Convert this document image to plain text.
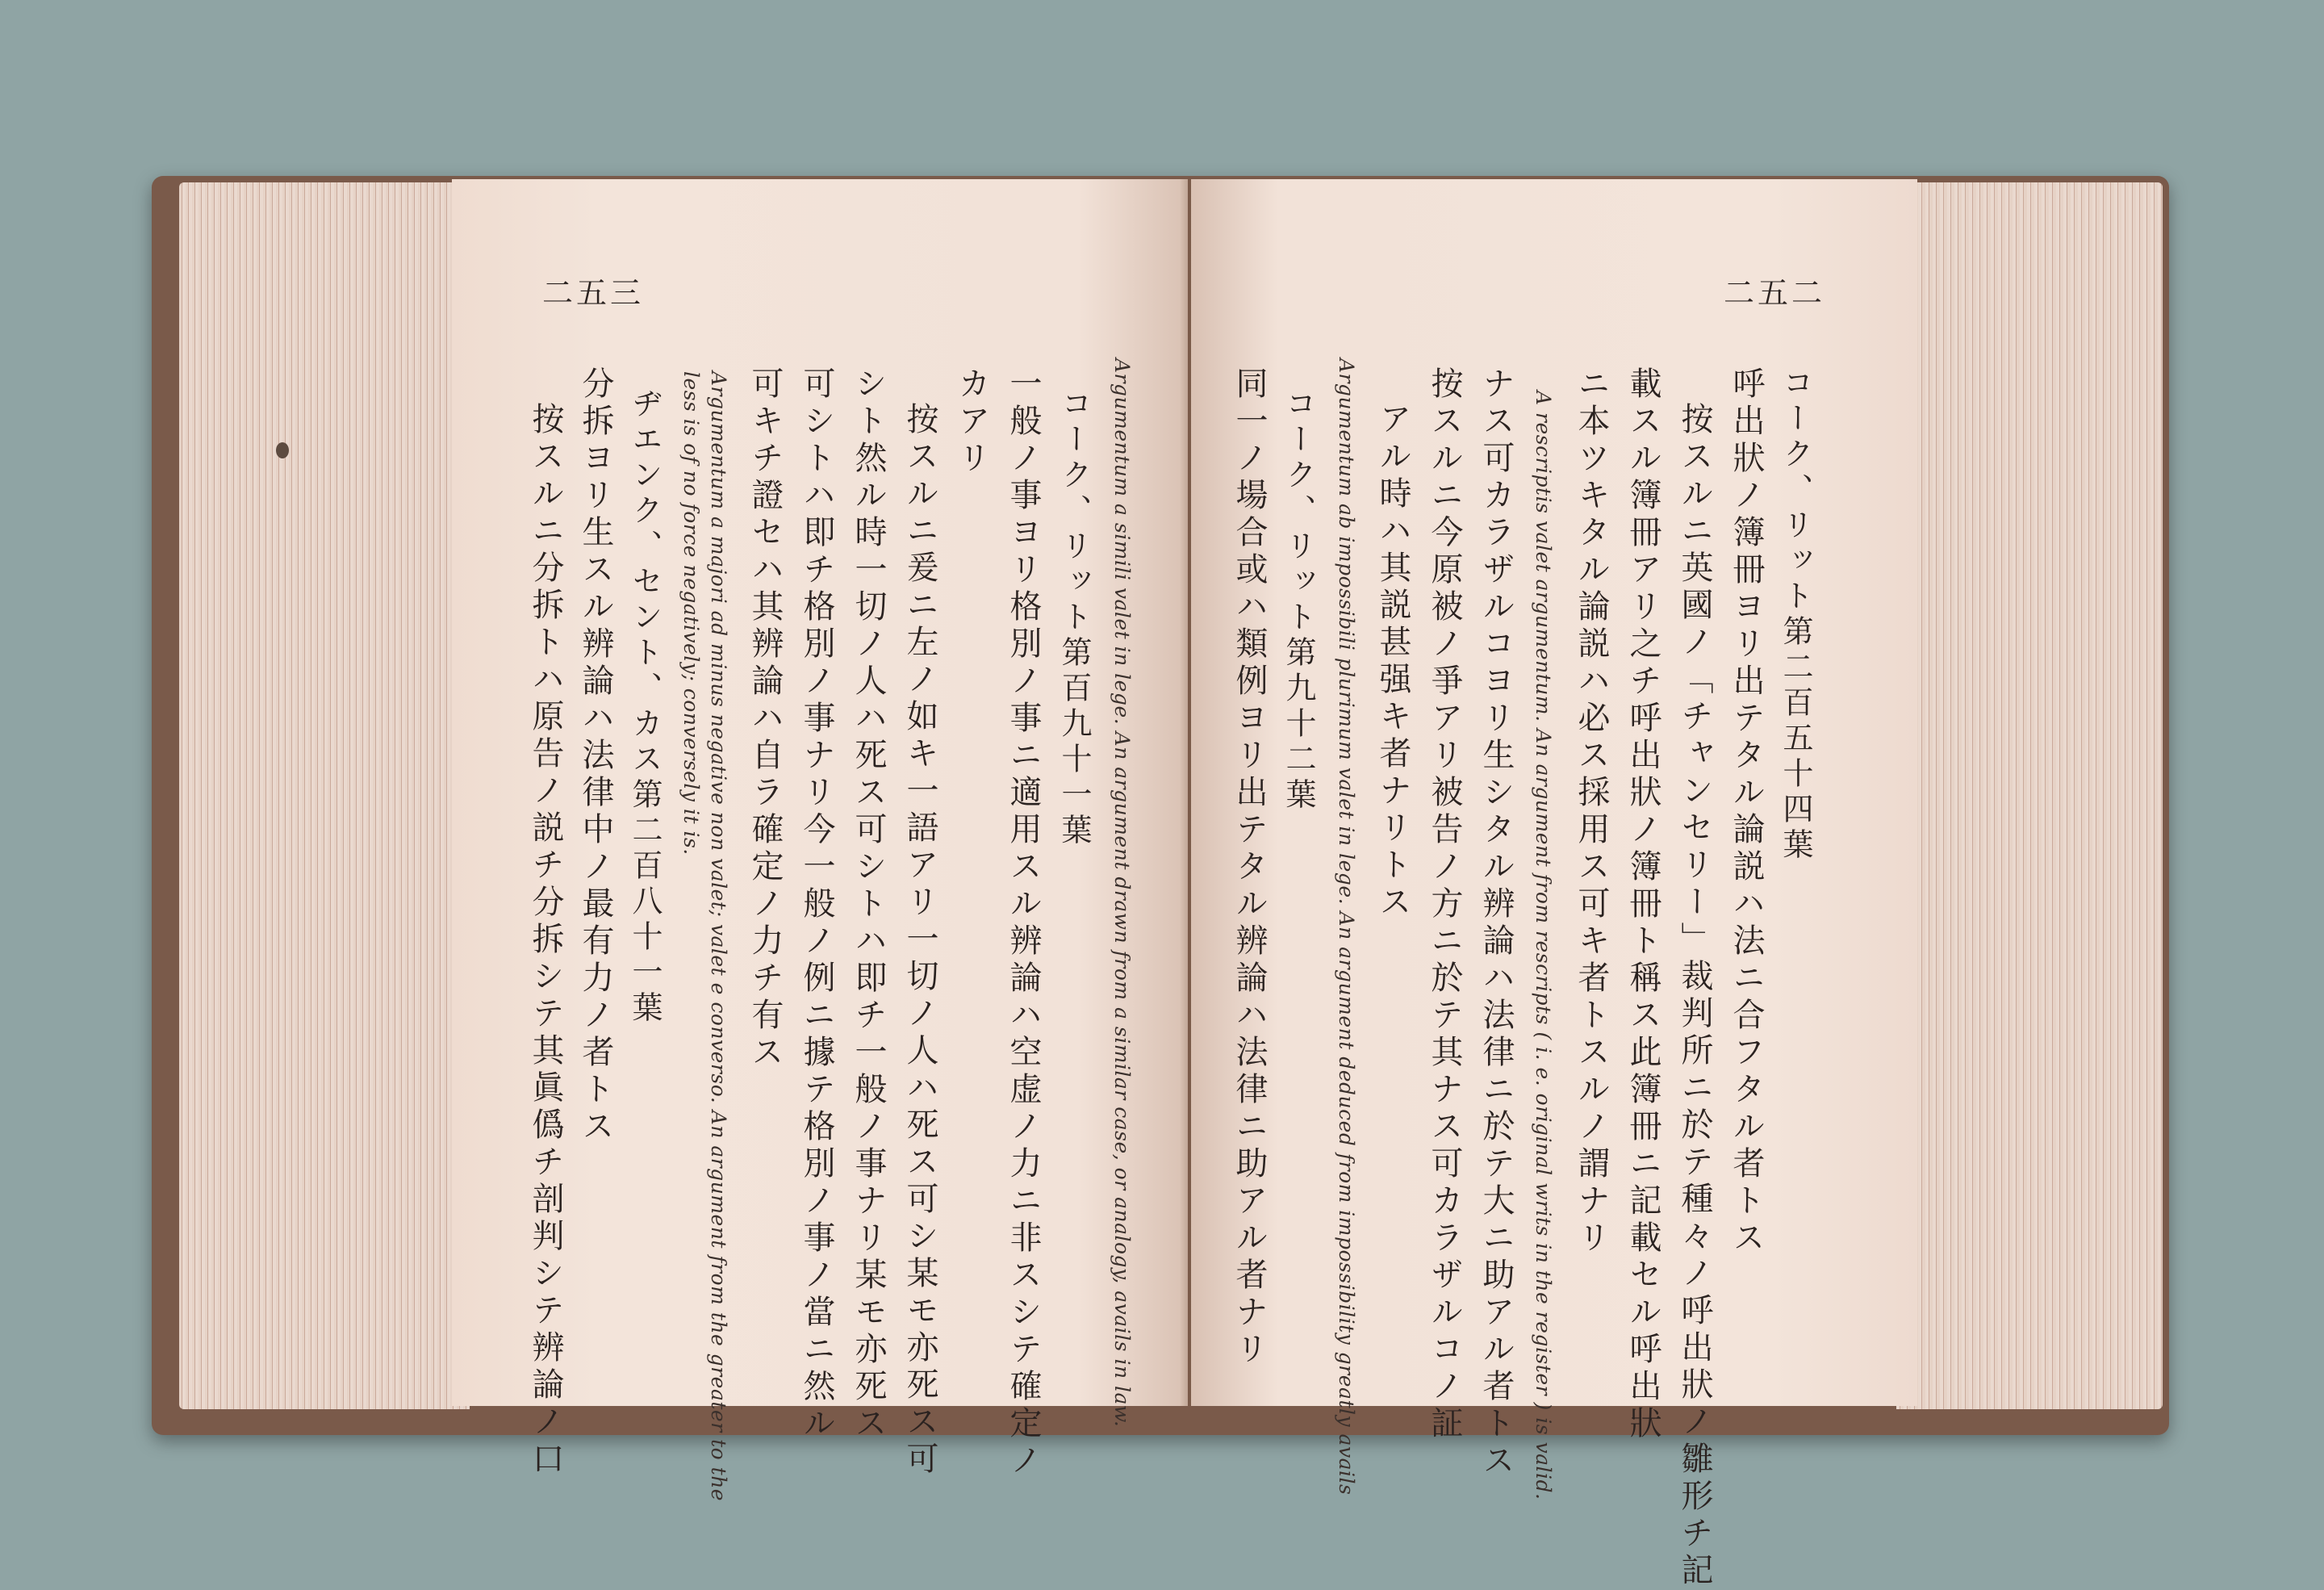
二五三
Argumentum a simili valet in lege. An argument drawn from a similar case, or analogy, avails in law.
コーク、リット第百九十一葉
一般ノ事ヨリ格別ノ事ニ適用スル辨論ハ空虚ノ力ニ非スシテ確定ノ
カアリ
按スルニ爰ニ左ノ如キ一語アリ一切ノ人ハ死ス可シ某モ亦死ス可
シト然ル時一切ノ人ハ死ス可シトハ即チ一般ノ事ナリ某モ亦死ス
可シトハ即チ格別ノ事ナリ今一般ノ例ニ據テ格別ノ事ノ當ニ然ル
可キチ證セハ其辨論ハ自ラ確定ノ力チ有ス
Argumentum a majori ad minus negative non valet; valet e converso. An argument from the greater to the
less is of no force negatively; conversely it is.
ヂエンク、セント、カス第二百八十一葉
分拆ヨリ生スル辨論ハ法律中ノ最有力ノ者トス
按スルニ分拆トハ原告ノ説チ分拆シテ其眞僞チ剖判シテ辨論ノ口
二五二
コーク、リット第二百五十四葉
呼出狀ノ簿冊ヨリ出テタル論説ハ法ニ合フタル者トス
按スルニ英國ノ「チャンセリー」裁判所ニ於テ種々ノ呼出狀ノ雛形チ記
載スル簿冊アリ之チ呼出狀ノ簿冊ト稱ス此簿冊ニ記載セル呼出狀
ニ本ツキタル論説ハ必ス採用ス可キ者トスルノ謂ナリ
A rescriptis valet argumentum. An argument from rescripts ( i. e. original writs in the register ) is valid.
ナス可カラザルコヨリ生シタル辨論ハ法律ニ於テ大ニ助アル者トス
按スルニ今原被ノ爭アリ被告ノ方ニ於テ其ナス可カラザルコノ証
アル時ハ其説甚强キ者ナリトス
Argumentum ab impossibili plurimum valet in lege. An argument deduced from impossibility greatly avails
コーク、リット第九十二葉
同一ノ場合或ハ類例ヨリ出テタル辨論ハ法律ニ助アル者ナリ
